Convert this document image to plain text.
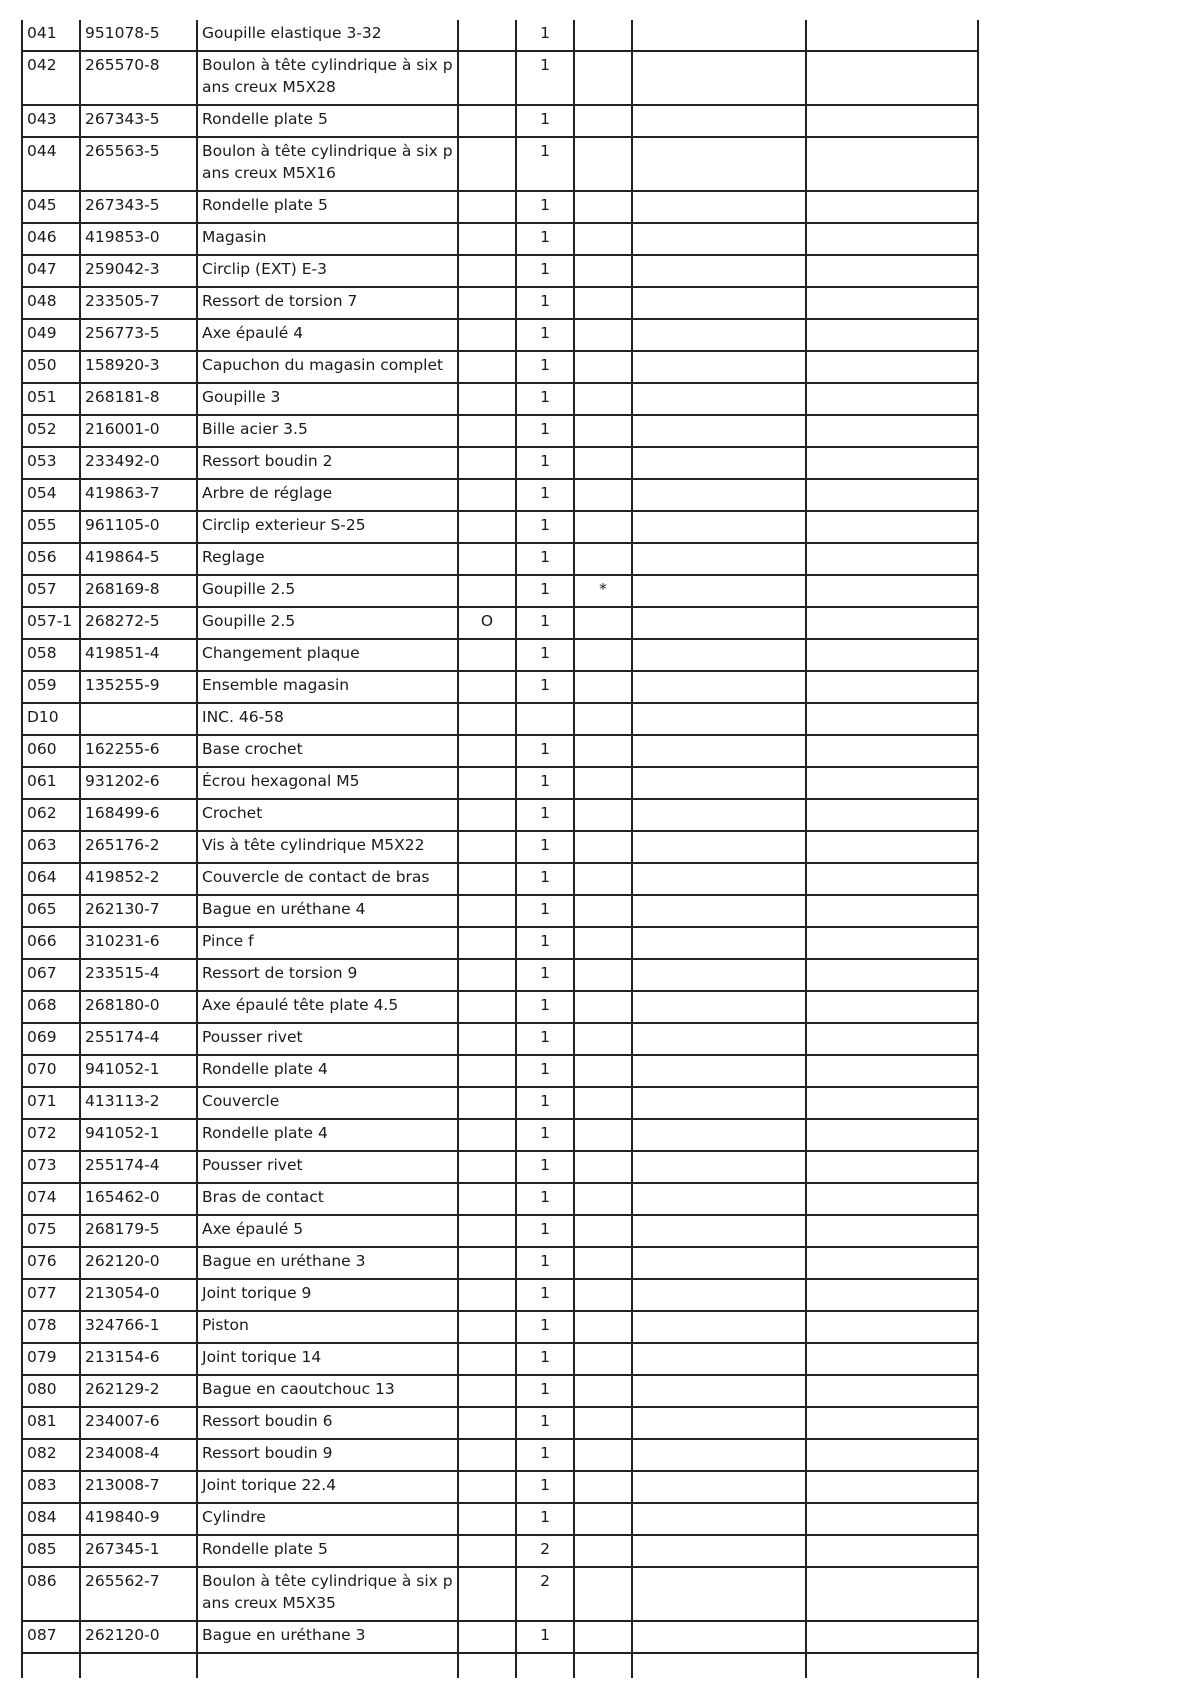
041	951078-5	Goupille elastique 3-32		1			
042	265570-8	Boulon à tête cylindrique à six pans creux M5X28		1			
043	267343-5	Rondelle plate 5		1			
044	265563-5	Boulon à tête cylindrique à six pans creux M5X16		1			
045	267343-5	Rondelle plate 5		1			
046	419853-0	Magasin		1			
047	259042-3	Circlip (EXT) E-3		1			
048	233505-7	Ressort de torsion 7		1			
049	256773-5	Axe épaulé 4		1			
050	158920-3	Capuchon du magasin complet		1			
051	268181-8	Goupille 3		1			
052	216001-0	Bille acier 3.5		1			
053	233492-0	Ressort boudin 2		1			
054	419863-7	Arbre de réglage		1			
055	961105-0	Circlip exterieur S-25		1			
056	419864-5	Reglage		1			
057	268169-8	Goupille 2.5		1	*		
057-1	268272-5	Goupille 2.5	O	1			
058	419851-4	Changement plaque		1			
059	135255-9	Ensemble magasin		1			
D10		INC. 46-58					
060	162255-6	Base crochet		1			
061	931202-6	Écrou hexagonal M5		1			
062	168499-6	Crochet		1			
063	265176-2	Vis à tête cylindrique M5X22		1			
064	419852-2	Couvercle de contact de bras		1			
065	262130-7	Bague en uréthane 4		1			
066	310231-6	Pince f		1			
067	233515-4	Ressort de torsion 9		1			
068	268180-0	Axe épaulé tête plate 4.5		1			
069	255174-4	Pousser rivet		1			
070	941052-1	Rondelle plate 4		1			
071	413113-2	Couvercle		1			
072	941052-1	Rondelle plate 4		1			
073	255174-4	Pousser rivet		1			
074	165462-0	Bras de contact		1			
075	268179-5	Axe épaulé 5		1			
076	262120-0	Bague en uréthane 3		1			
077	213054-0	Joint torique 9		1			
078	324766-1	Piston		1			
079	213154-6	Joint torique 14		1			
080	262129-2	Bague en caoutchouc 13		1			
081	234007-6	Ressort boudin 6		1			
082	234008-4	Ressort boudin 9		1			
083	213008-7	Joint torique 22.4		1			
084	419840-9	Cylindre		1			
085	267345-1	Rondelle plate 5		2			
086	265562-7	Boulon à tête cylindrique à six pans creux M5X35		2			
087	262120-0	Bague en uréthane 3		1			
